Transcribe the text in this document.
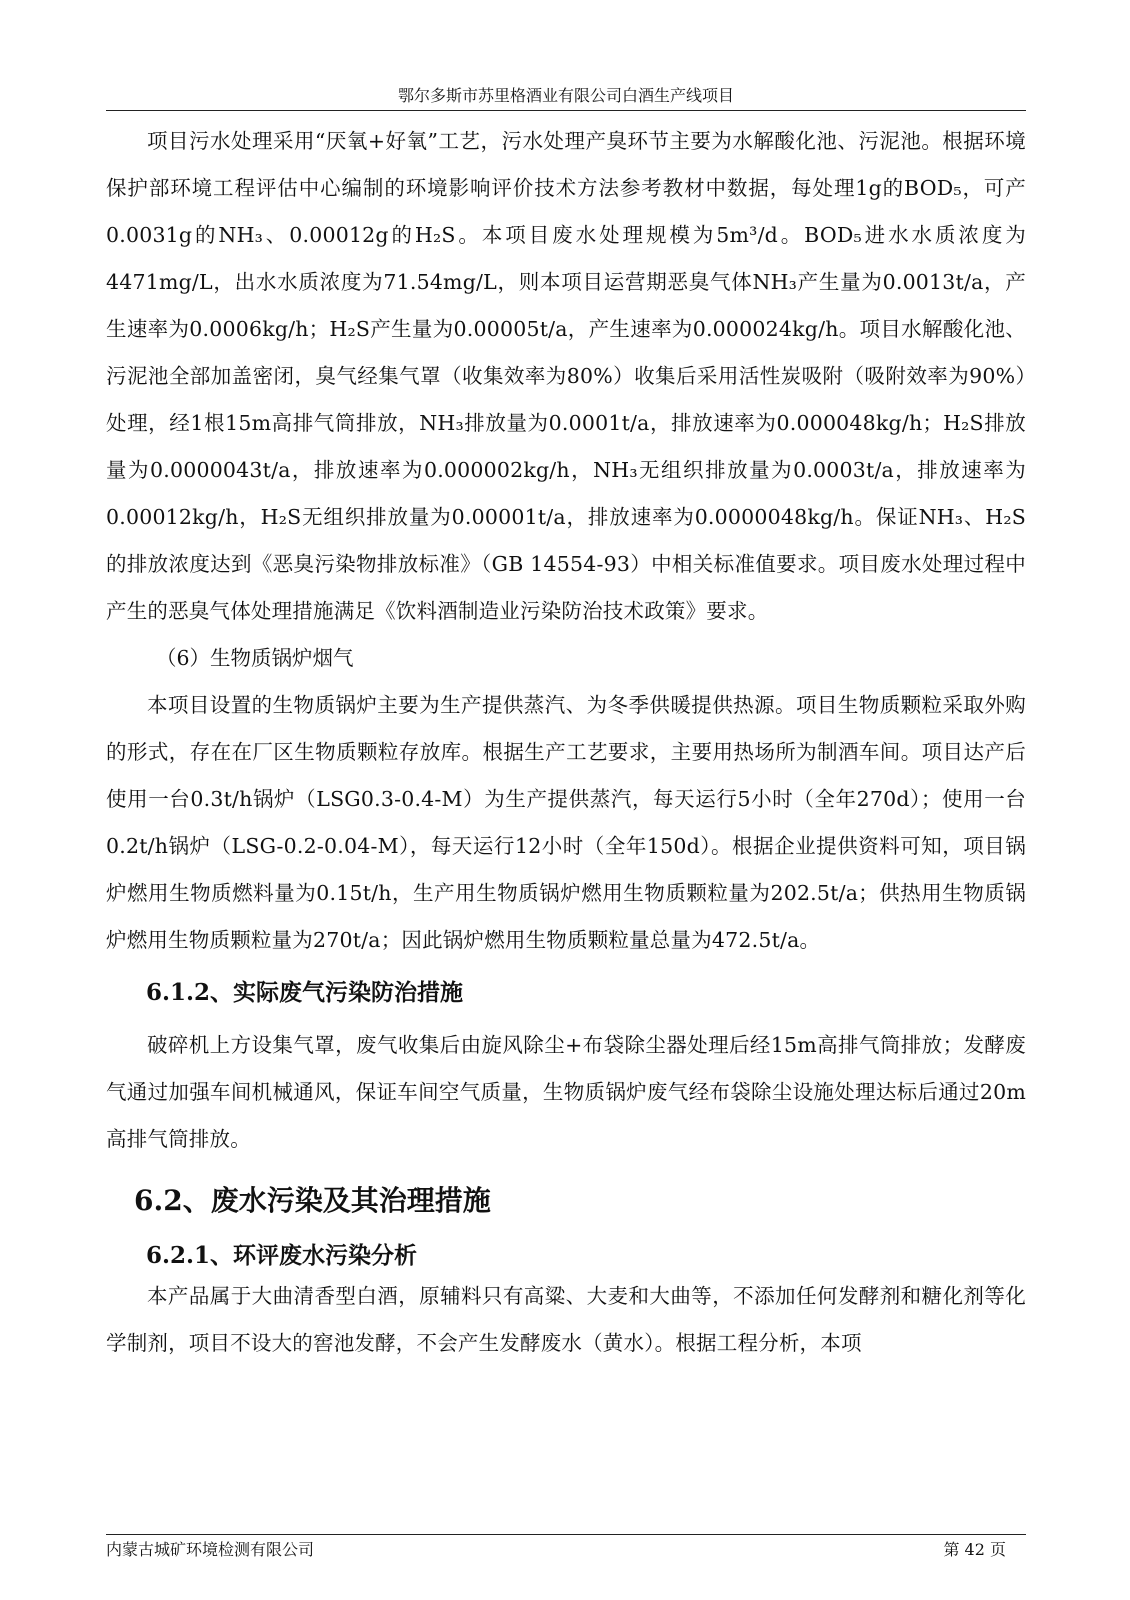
鄂尔多斯市苏里格酒业有限公司白酒生产线项目

项目污水处理采用“厌氧+好氧”工艺，污水处理产臭环节主要为水解酸化池、污泥池。根据环境保护部环境工程评估中心编制的环境影响评价技术方法参考教材中数据，每处理1g的BOD₅，可产0.0031g的NH₃、0.00012g的H₂S。本项目废水处理规模为5m³/d。BOD₅进水水质浓度为4471mg/L，出水水质浓度为71.54mg/L，则本项目运营期恶臭气体NH₃产生量为0.0013t/a，产生速率为0.0006kg/h；H₂S产生量为0.00005t/a，产生速率为0.000024kg/h。项目水解酸化池、污泥池全部加盖密闭，臭气经集气罩（收集效率为80%）收集后采用活性炭吸附（吸附效率为90%）处理，经1根15m高排气筒排放，NH₃排放量为0.0001t/a，排放速率为0.000048kg/h；H₂S排放量为0.0000043t/a，排放速率为0.000002kg/h，NH₃无组织排放量为0.0003t/a，排放速率为0.00012kg/h，H₂S无组织排放量为0.00001t/a，排放速率为0.0000048kg/h。保证NH₃、H₂S的排放浓度达到《恶臭污染物排放标准》（GB 14554-93）中相关标准值要求。项目废水处理过程中产生的恶臭气体处理措施满足《饮料酒制造业污染防治技术政策》要求。

（6）生物质锅炉烟气

本项目设置的生物质锅炉主要为生产提供蒸汽、为冬季供暖提供热源。项目生物质颗粒采取外购的形式，存在在厂区生物质颗粒存放库。根据生产工艺要求，主要用热场所为制酒车间。项目达产后使用一台0.3t/h锅炉（LSG0.3-0.4-M）为生产提供蒸汽，每天运行5小时（全年270d）；使用一台0.2t/h锅炉（LSG-0.2-0.04-M），每天运行12小时（全年150d）。根据企业提供资料可知，项目锅炉燃用生物质燃料量为0.15t/h，生产用生物质锅炉燃用生物质颗粒量为202.5t/a；供热用生物质锅炉燃用生物质颗粒量为270t/a；因此锅炉燃用生物质颗粒量总量为472.5t/a。

6.1.2、实际废气污染防治措施

破碎机上方设集气罩，废气收集后由旋风除尘+布袋除尘器处理后经15m高排气筒排放；发酵废气通过加强车间机械通风，保证车间空气质量，生物质锅炉废气经布袋除尘设施处理达标后通过20m高排气筒排放。

6.2、废水污染及其治理措施
6.2.1、环评废水污染分析

本产品属于大曲清香型白酒，原辅料只有高粱、大麦和大曲等，不添加任何发酵剂和糖化剂等化学制剂，项目不设大的窖池发酵，不会产生发酵废水（黄水）。根据工程分析，本项

内蒙古城矿环境检测有限公司	第 42 页
